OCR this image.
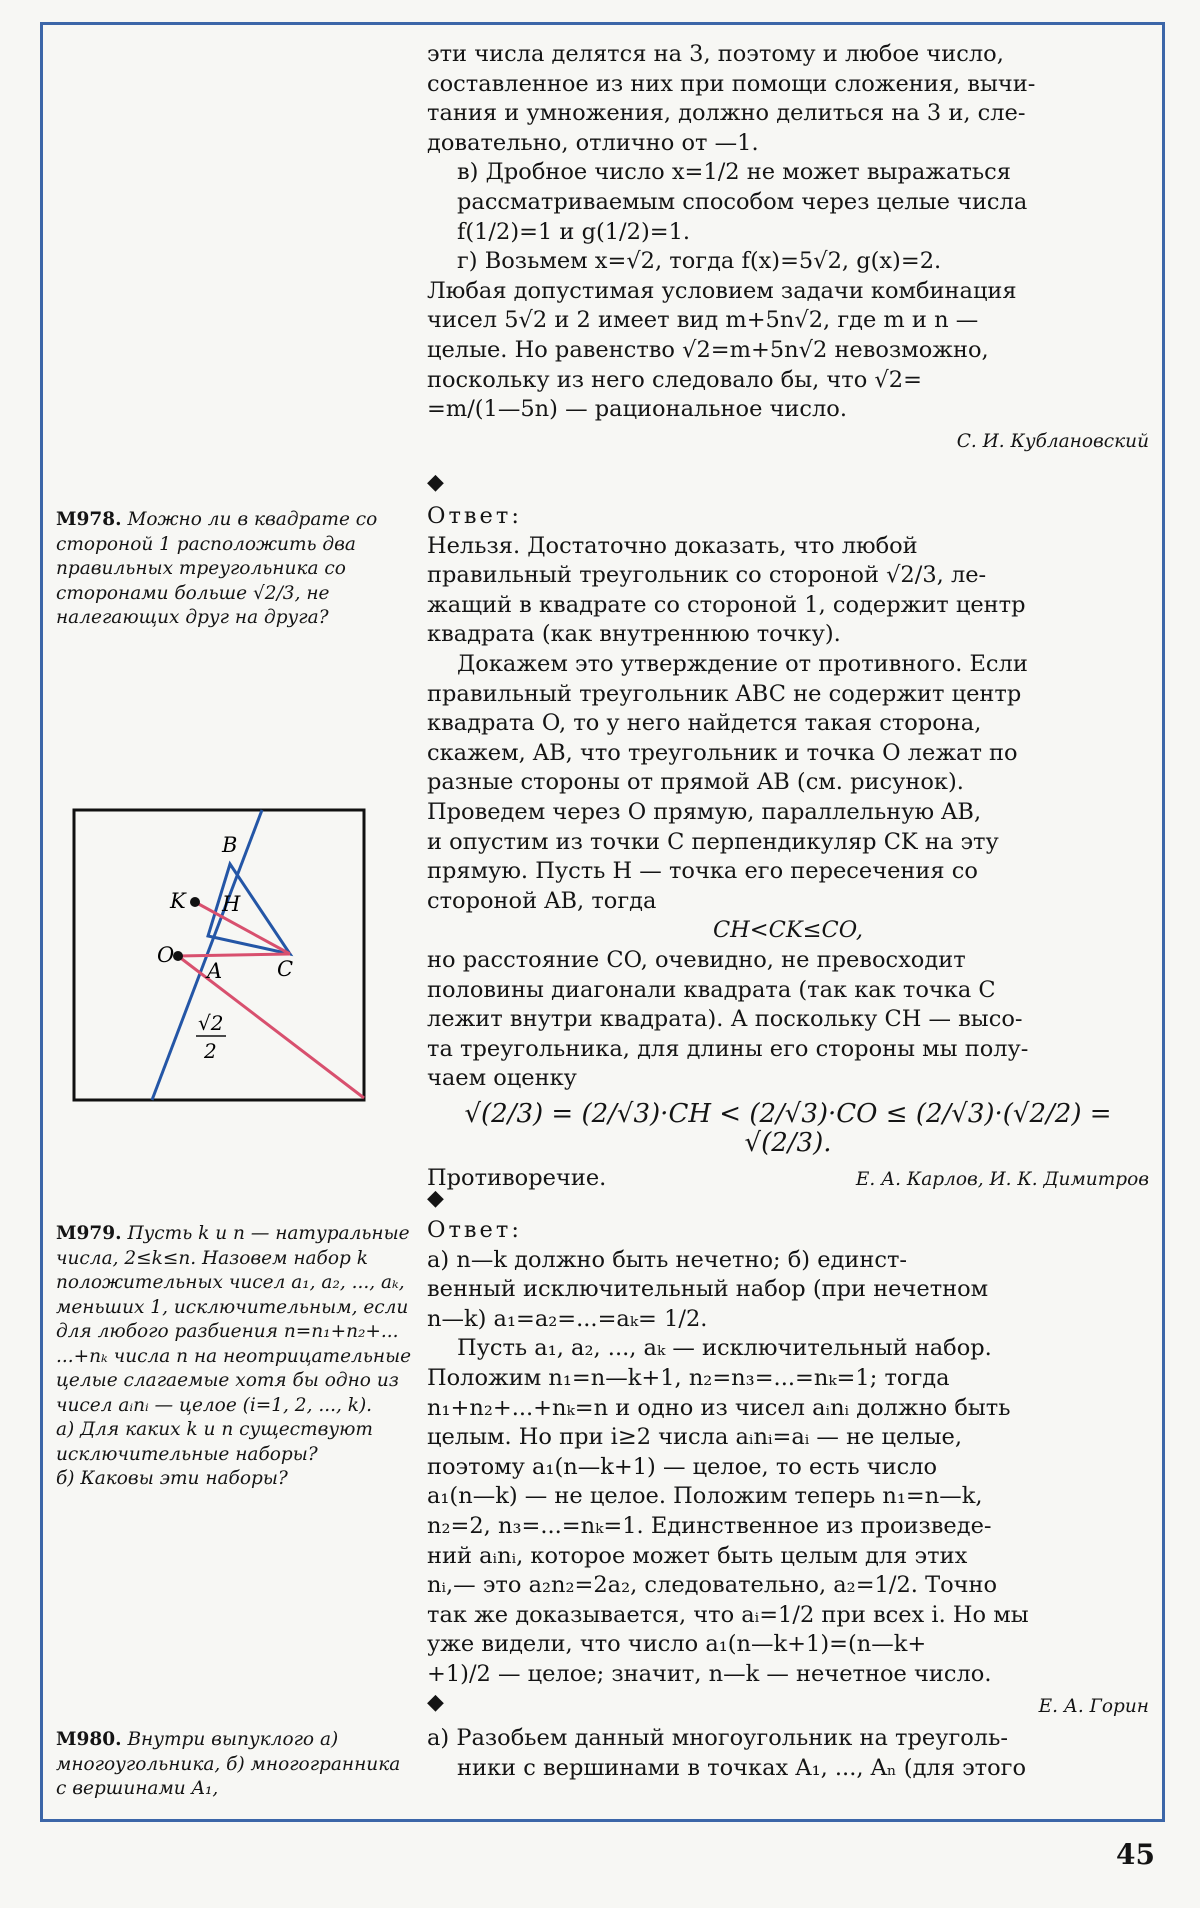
эти числа делятся на 3, поэтому и любое число,
составленное из них при помощи сложения, вычи-
тания и умножения, должно делиться на 3 и, сле-
довательно, отлично от —1.
в) Дробное число x=1/2 не может выражаться
рассматриваемым способом через целые числа
f(1/2)=1 и g(1/2)=1.
г) Возьмем x=√2, тогда f(x)=5√2, g(x)=2.
Любая допустимая условием задачи комбинация
чисел 5√2 и 2 имеет вид m+5n√2, где m и n —
целые. Но равенство √2=m+5n√2 невозможно,
поскольку из него следовало бы, что √2=
=m/(1—5n) — рациональное число.
С. И. Кублановский
◆
М978. Можно ли в квадрате со стороной 1 расположить два правильных треугольника со сторонами больше √2/3, не налегающих друг на друга?
B
K H
O
A	C
√2
2
Ответ:
Нельзя. Достаточно доказать, что любой
правильный треугольник со стороной √2/3, ле-
жащий в квадрате со стороной 1, содержит центр
квадрата (как внутреннюю точку).
Докажем это утверждение от противного. Если
правильный треугольник ABC не содержит центр
квадрата O, то у него найдется такая сторона,
скажем, AB, что треугольник и точка O лежат по
разные стороны от прямой AB (см. рисунок).
Проведем через O прямую, параллельную AB,
и опустим из точки C перпендикуляр CK на эту
прямую. Пусть H — точка его пересечения со
стороной AB, тогда
CH<CK≤CO,
но расстояние CO, очевидно, не превосходит
половины диагонали квадрата (так как точка C
лежит внутри квадрата). А поскольку CH — высо-
та треугольника, для длины его стороны мы полу-
чаем оценку
√(2/3) = (2/√3)·CH < (2/√3)·CO ≤ (2/√3)·(√2/2) = √(2/3).
Противоречие.	Е. А. Карлов, И. К. Димитров
◆
М979. Пусть k и n — натуральные числа, 2≤k≤n. Назовем набор k положительных чисел a₁, a₂, ..., aₖ, меньших 1, исключительным, если для любого разбиения n=n₁+n₂+... ...+nₖ числа n на неотрицательные целые слагаемые хотя бы одно из чисел aᵢnᵢ — целое (i=1, 2, ..., k).
а) Для каких k и n существуют исключительные наборы?
б) Каковы эти наборы?
Ответ:
а) n—k должно быть нечетно; б) единст-
венный исключительный набор (при нечетном
n—k) a₁=a₂=...=aₖ= 1/2.
Пусть a₁, a₂, ..., aₖ — исключительный набор.
Положим n₁=n—k+1, n₂=n₃=...=nₖ=1; тогда
n₁+n₂+...+nₖ=n и одно из чисел aᵢnᵢ должно быть
целым. Но при i≥2 числа aᵢnᵢ=aᵢ — не целые,
поэтому a₁(n—k+1) — целое, то есть число
a₁(n—k) — не целое. Положим теперь n₁=n—k,
n₂=2, n₃=...=nₖ=1. Единственное из произведе-
ний aᵢnᵢ, которое может быть целым для этих
nᵢ,— это a₂n₂=2a₂, следовательно, a₂=1/2. Точно
так же доказывается, что aᵢ=1/2 при всех i. Но мы
уже видели, что число a₁(n—k+1)=(n—k+
+1)/2 — целое; значит, n—k — нечетное число.
Е. А. Горин
◆
М980. Внутри выпуклого а) многоугольника, б) многогранника с вершинами A₁,
а) Разобьем данный многоугольник на треуголь-
ники с вершинами в точках A₁, ..., Aₙ (для этого
45
